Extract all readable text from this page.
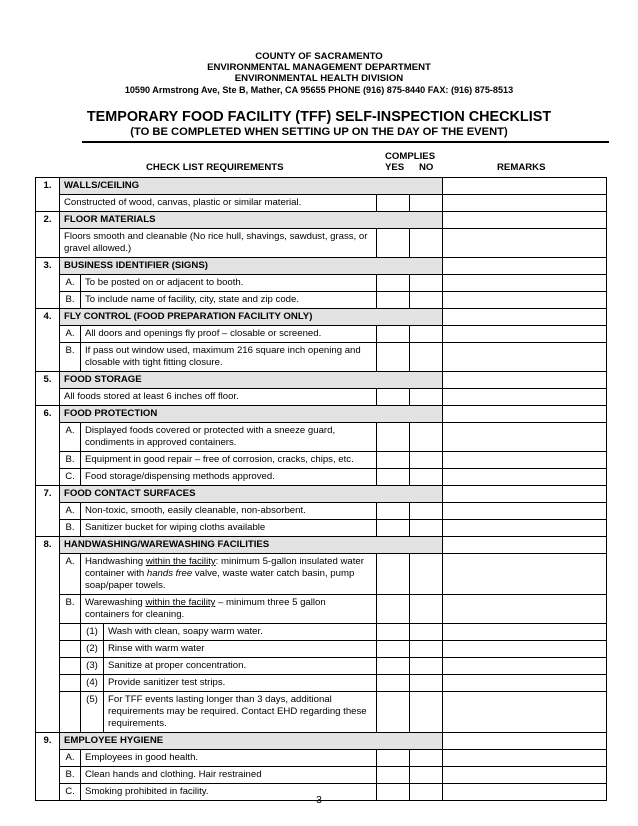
COUNTY OF SACRAMENTO
ENVIRONMENTAL MANAGEMENT DEPARTMENT
ENVIRONMENTAL HEALTH DIVISION
10590 Armstrong Ave, Ste B, Mather, CA 95655 PHONE (916) 875-8440 FAX: (916) 875-8513
TEMPORARY FOOD FACILITY (TFF) SELF-INSPECTION CHECKLIST
(TO BE COMPLETED WHEN SETTING UP ON THE DAY OF THE EVENT)
CHECK LIST REQUIREMENTS
COMPLIES
YES NO	REMARKS
1.	WALLS/CEILING					
	Constructed of wood, canvas, plastic or similar material.					
2.	FLOOR MATERIALS					
	Floors smooth and cleanable (No rice hull, shavings, sawdust, grass, or gravel allowed.)					
3.	BUSINESS IDENTIFIER (SIGNS)					
	A.	To be posted on or adjacent to booth.				
	B.	To include name of facility, city, state and zip code.				
4.	FLY CONTROL (FOOD PREPARATION FACILITY ONLY)					
	A.	All doors and openings fly proof – closable or screened.				
	B.	If pass out window used, maximum 216 square inch opening and closable with tight fitting closure.				
5.	FOOD STORAGE					
	All foods stored at least 6 inches off floor.					
6.	FOOD PROTECTION					
	A.	Displayed foods covered or protected with a sneeze guard, condiments in approved containers.				
	B.	Equipment in good repair – free of corrosion, cracks, chips, etc.				
	C.	Food storage/dispensing methods approved.				
7.	FOOD CONTACT SURFACES					
	A.	Non-toxic, smooth, easily cleanable, non-absorbent.				
	B.	Sanitizer bucket for wiping cloths available				
8.	HANDWASHING/WAREWASHING FACILITIES					
	A.	Handwashing within the facility: minimum 5-gallon insulated water container with hands free valve, waste water catch basin, pump soap/paper towels.				
	B.	Warewashing within the facility – minimum three 5 gallon containers for cleaning.				
		(1)	Wash with clean, soapy warm water.			
		(2)	Rinse with warm water			
		(3)	Sanitize at proper concentration.			
		(4)	Provide sanitizer test strips.			
		(5)	For TFF events lasting longer than 3 days, additional requirements may be required. Contact EHD regarding these requirements.			
9.	EMPLOYEE HYGIENE					
	A.	Employees in good health.				
	B.	Clean hands and clothing. Hair restrained				
	C.	Smoking prohibited in facility.				
3
